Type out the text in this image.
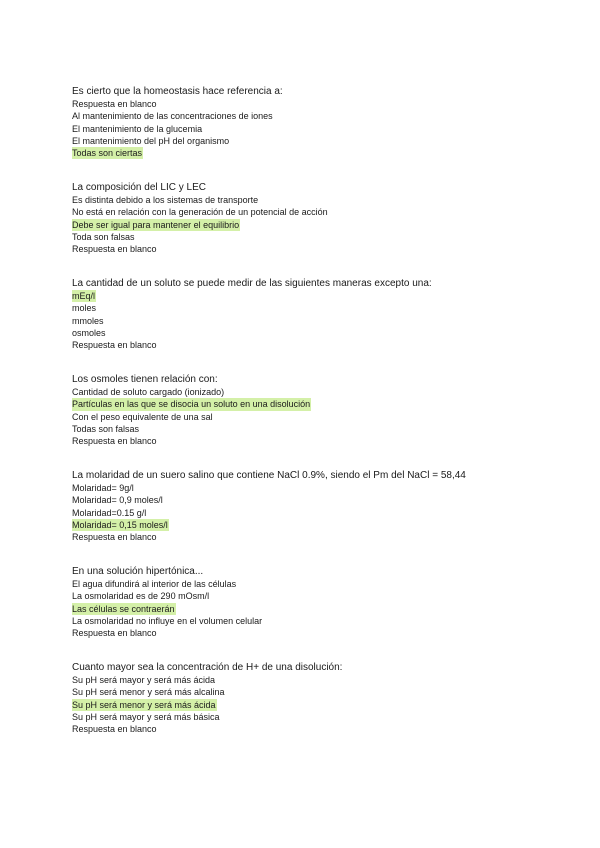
Es cierto que la homeostasis hace referencia a:
Respuesta en blanco
Al mantenimiento de las concentraciones de iones
El mantenimiento de la glucemia
El mantenimiento del pH del organismo
Todas son ciertas
La composición del LIC y LEC
Es distinta debido a los sistemas de transporte
No está en relación con la generación de un potencial de acción
Debe ser igual para mantener el equilibrio
Toda son falsas
Respuesta en blanco
La cantidad de un soluto se puede medir de las siguientes maneras excepto una:
mEq/l
moles
mmoles
osmoles
Respuesta en blanco
Los osmoles tienen relación con:
Cantidad de soluto cargado (ionizado)
Partículas en las que se disocia un soluto en una disolución
Con el peso equivalente de una sal
Todas son falsas
Respuesta en blanco
La molaridad de un suero salino que contiene NaCl 0.9%, siendo el Pm del NaCl = 58,44
Molaridad= 9g/l
Molaridad= 0,9 moles/l
Molaridad=0.15 g/l
Molaridad= 0,15 moles/l
Respuesta en blanco
En una solución hipertónica...
El agua difundirá al interior de las células
La osmolaridad es de 290 mOsm/l
Las células se contraerán
La osmolaridad no influye en el volumen celular
Respuesta en blanco
Cuanto mayor sea la concentración de H+ de una disolución:
Su pH será mayor y será más ácida
Su pH será menor y será más alcalina
Su pH será menor y será más ácida
Su pH será mayor y será más básica
Respuesta en blanco
